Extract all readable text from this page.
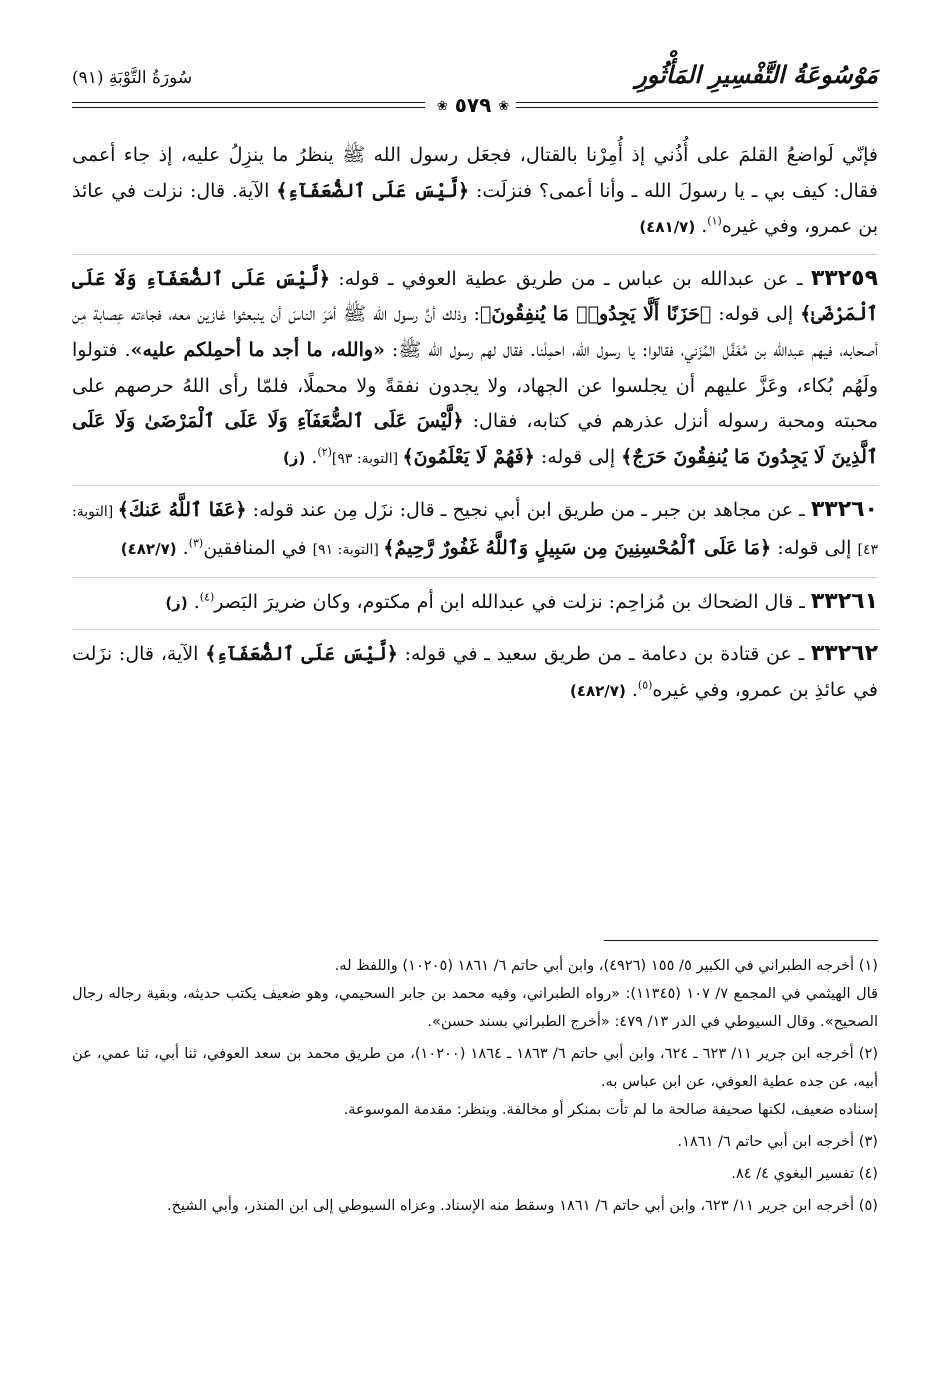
مَوْسُوعَةُ التَّفْسِيرِ المَأْثُورِ
سُورَةُ التَّوْبَةِ (٩١)
❀ ٥٧٩ ❀

فإنّي لَواضعُ القلمَ على أُذُني إذ أُمِرْنا بالقتال، فجعَل رسول الله ﷺ ينظرُ ما ينزِلُ عليه، إذ جاء أعمى فقال: كيف بي ـ يا رسولَ الله ـ وأنا أعمى؟ فنزلَت: ﴿لَّيْسَ عَلَى ٱلضُّعَفَآءِ﴾ الآية. قال: نزلت في عائذ بن عمرو، وفي غيره$^{(١)}$. (٤٨١/٧)

٣٣٢٥٩ ـ عن عبدالله بن عباس ـ من طريق عطية العوفي ـ قوله: ﴿لَّيْسَ عَلَى ٱلضُّعَفَآءِ وَلَا عَلَى ٱلْمَرْضَىٰ﴾ إلى قوله: ﴿حَزَنًا أَلَّا يَجِدُوا۟ مَا يُنفِقُونَ﴾: وذلك أنَّ رسول الله ﷺ أمَرَ الناسَ أن ينبعثوا غازين معه، فجاءته عِصابة مِن أصحابه، فيهم عبدالله بن مُغَفَّل المُزَني، فقالوا: يا رسول الله، احمِلْنا. فقال لهم رسول الله ﷺ: «والله، ما أجد ما أحمِلكم عليه». فتولوا ولَهُم بُكاء، وعَزَّ عليهم أن يجلسوا عن الجهاد، ولا يجدون نفقةً ولا محملًا، فلمّا رأى اللهُ حرصهم على محبته ومحبة رسوله أنزل عذرهم في كتابه، فقال: ﴿لَّيْسَ عَلَى ٱلضُّعَفَآءِ وَلَا عَلَى ٱلْمَرْضَىٰ وَلَا عَلَى ٱلَّذِينَ لَا يَجِدُونَ مَا يُنفِقُونَ حَرَجٌ﴾ إلى قوله: ﴿فَهُمْ لَا يَعْلَمُونَ﴾ [التوبة: ٩٣]$^{(٢)}$. (ز)

٣٣٢٦٠ ـ عن مجاهد بن جبر ـ من طريق ابن أبي نجيح ـ قال: نزَل مِن عند قوله: ﴿عَفَا ٱللَّهُ عَنكَ﴾ [التوبة: ٤٣] إلى قوله: ﴿مَا عَلَى ٱلْمُحْسِنِينَ مِن سَبِيلٍ وَٱللَّهُ غَفُورٌ رَّحِيمٌ﴾ [التوبة: ٩١] في المنافقين$^{(٣)}$. (٤٨٢/٧)

٣٣٢٦١ ـ قال الضحاك بن مُزاحِم: نزلت في عبدالله ابن أم مكتوم، وكان ضريرَ البَصر$^{(٤)}$. (ز)

٣٣٢٦٢ ـ عن قتادة بن دعامة ـ من طريق سعيد ـ في قوله: ﴿لَّيْسَ عَلَى ٱلضُّعَفَآءِ﴾ الآية، قال: نزَلت في عائذِ بن عمرو، وفي غيره$^{(٥)}$. (٤٨٢/٧)

(١) أخرجه الطبراني في الكبير ٥/ ١٥٥ (٤٩٢٦)، وابن أبي حاتم ٦/ ١٨٦١ (١٠٢٠٥) واللفظ له.

قال الهيثمي في المجمع ٧/ ١٠٧ (١١٣٤٥): «رواه الطبراني، وفيه محمد بن جابر السحيمي، وهو ضعيف يكتب حديثه، وبقية رجاله رجال الصحيح». وقال السيوطي في الدر ١٣/ ٤٧٩: «أخرج الطبراني بسند حسن».

(٢) أخرجه ابن جرير ١١/ ٦٢٣ ـ ٦٢٤، وابن أبي حاتم ٦/ ١٨٦٣ ـ ١٨٦٤ (١٠٢٠٠)، من طريق محمد بن سعد العوفي، ثنا أبي، ثنا عمي، عن أبيه، عن جده عطية العوفي، عن ابن عباس به.

إسناده ضعيف، لكنها صحيفة صالحة ما لم تأت بمنكر أو مخالفة. وينظر: مقدمة الموسوعة.

(٣) أخرجه ابن أبي حاتم ٦/ ١٨٦١.

(٤) تفسير البغوي ٤/ ٨٤.

(٥) أخرجه ابن جرير ١١/ ٦٢٣، وابن أبي حاتم ٦/ ١٨٦١ وسقط منه الإسناد. وعزاه السيوطي إلى ابن المنذر، وأبي الشيخ.
